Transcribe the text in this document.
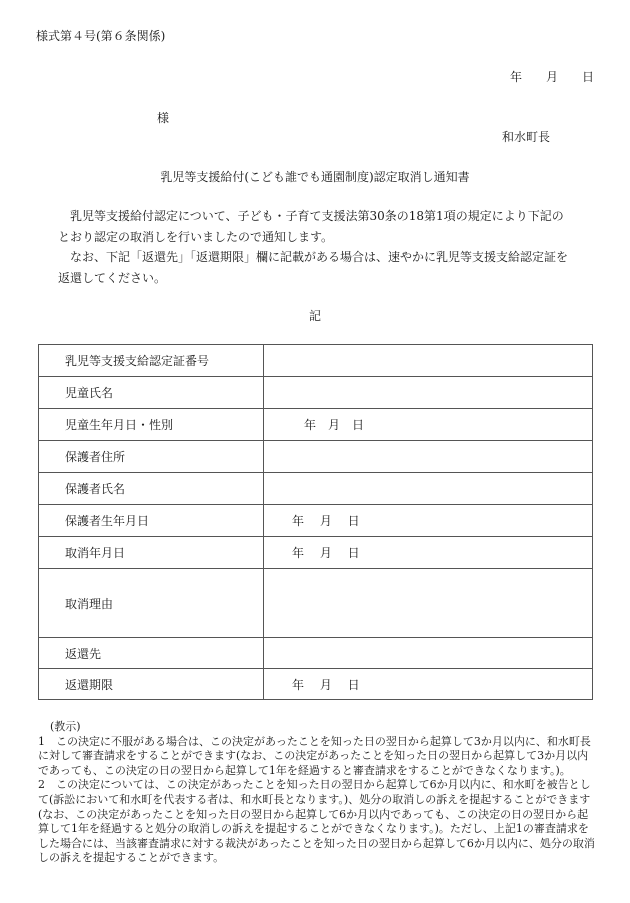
様式第４号(第６条関係)
年　　月　　日
様
和水町長
乳児等支援給付(こども誰でも通園制度)認定取消し通知書

乳児等支援給付認定について、子ども・子育て支援法第30条の18第1項の規定により下記のとおり認定の取消しを行いましたので通知します。

なお、下記「返還先」「返還期限」欄に記載がある場合は、速やかに乳児等支援支給認定証を返還してください。

記
乳児等支援支給認定証番号	
児童氏名	
児童生年月日・性別	年　月　日
保護者住所	
保護者氏名	
保護者生年月日	年　 月　 日
取消年月日	年　 月　 日
取消理由	
返還先	
返還期限	年　 月　 日

(教示)

1　この決定に不服がある場合は、この決定があったことを知った日の翌日から起算して3か月以内に、和水町長に対して審査請求をすることができます(なお、この決定があったことを知った日の翌日から起算して3か月以内であっても、この決定の日の翌日から起算して1年を経過すると審査請求をすることができなくなります。)。

2　この決定については、この決定があったことを知った日の翌日から起算して6か月以内に、和水町を被告として(訴訟において和水町を代表する者は、和水町長となります。)、処分の取消しの訴えを提起することができます(なお、この決定があったことを知った日の翌日から起算して6か月以内であっても、この決定の日の翌日から起算して1年を経過すると処分の取消しの訴えを提起することができなくなります。)。ただし、上記1の審査請求をした場合には、当該審査請求に対する裁決があったことを知った日の翌日から起算して6か月以内に、処分の取消しの訴えを提起することができます。
